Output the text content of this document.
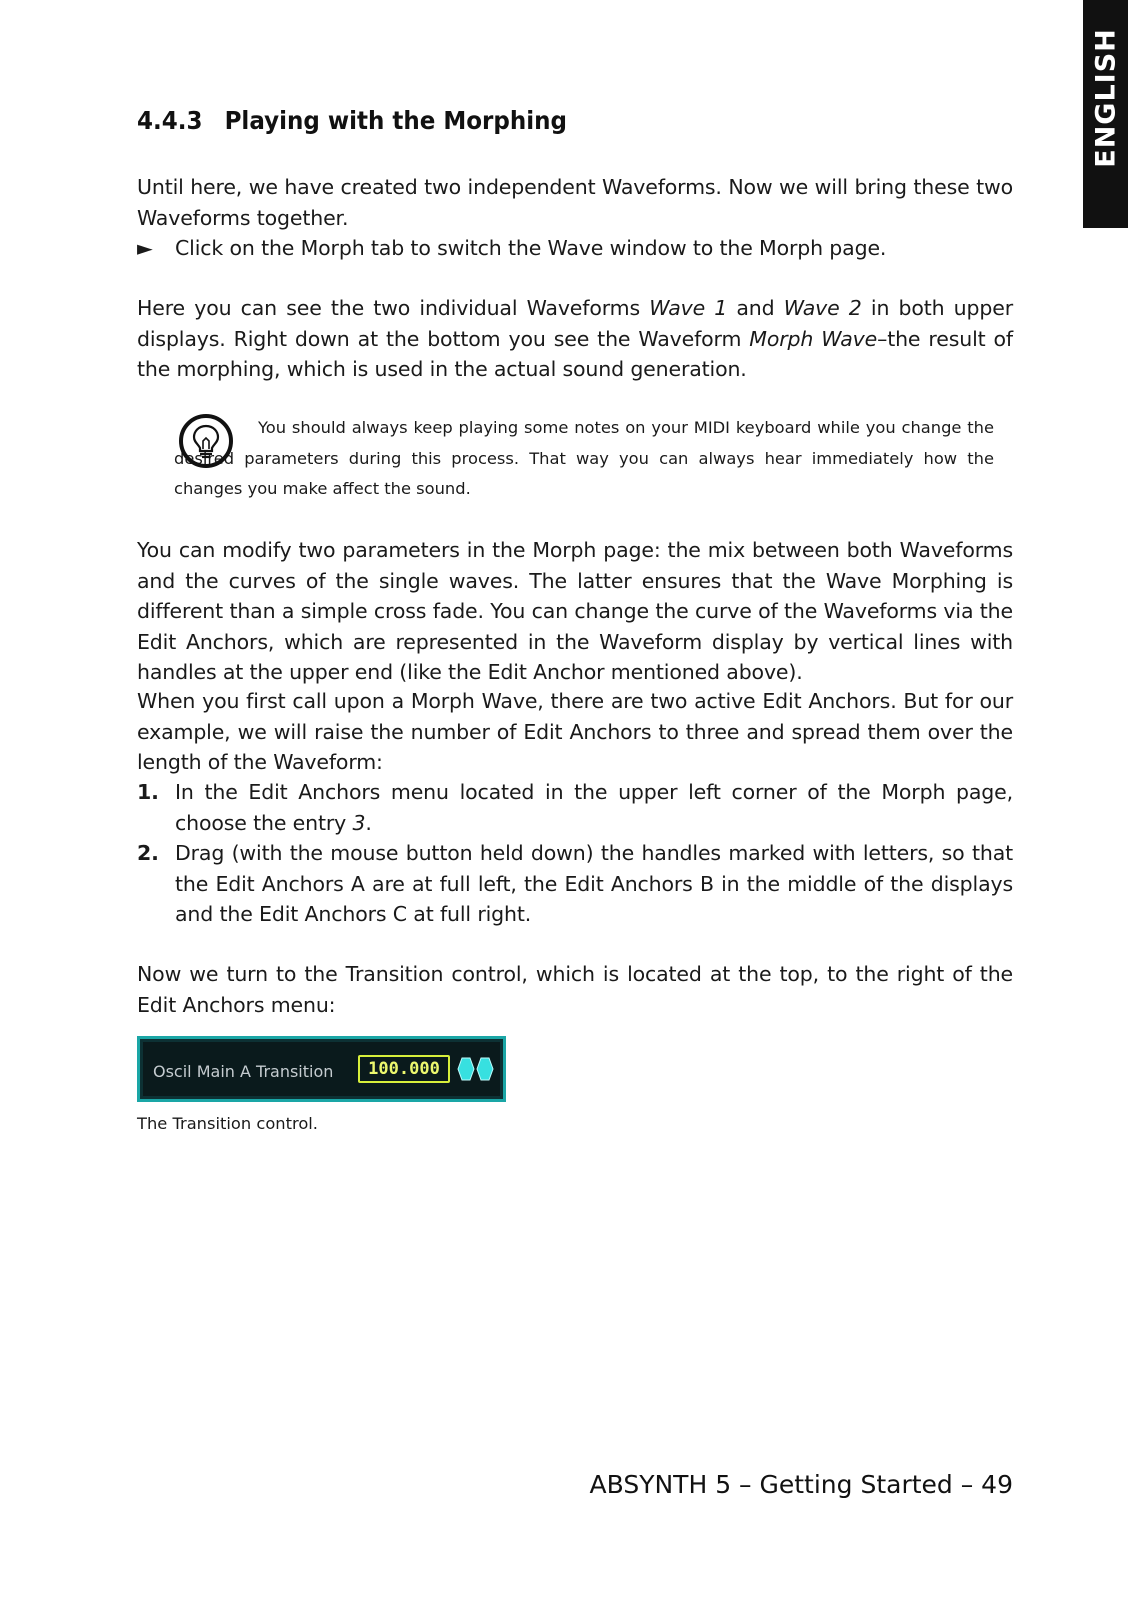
ENGLISH
4.4.3 Playing with the Morphing

Until here, we have created two independent Waveforms. Now we will bring these two Waveforms together.

► Click on the Morph tab to switch the Wave window to the Morph page.

Here you can see the two individual Waveforms Wave 1 and Wave 2 in both upper displays. Right down at the bottom you see the Waveform Morph Wave–the result of the morphing, which is used in the actual sound generation.

You should always keep playing some notes on your MIDI keyboard while you change the desired parameters during this process. That way you can always hear immediately how the changes you make affect the sound.

You can modify two parameters in the Morph page: the mix between both Waveforms and the curves of the single waves. The latter ensures that the Wave Morphing is different than a simple cross fade. You can change the curve of the Waveforms via the Edit Anchors, which are represented in the Waveform display by vertical lines with handles at the upper end (like the Edit Anchor mentioned above).

When you first call upon a Morph Wave, there are two active Edit Anchors. But for our example, we will raise the number of Edit Anchors to three and spread them over the length of the Waveform:

1. In the Edit Anchors menu located in the upper left corner of the Morph page, choose the entry 3.
2. Drag (with the mouse button held down) the handles marked with letters, so that the Edit Anchors A are at full left, the Edit Anchors B in the middle of the displays and the Edit Anchors C at full right.

Now we turn to the Transition control, which is located at the top, to the right of the Edit Anchors menu:

Oscil Main A Transition	100.000

The Transition control.

ABSYNTH 5 – Getting Started – 49
